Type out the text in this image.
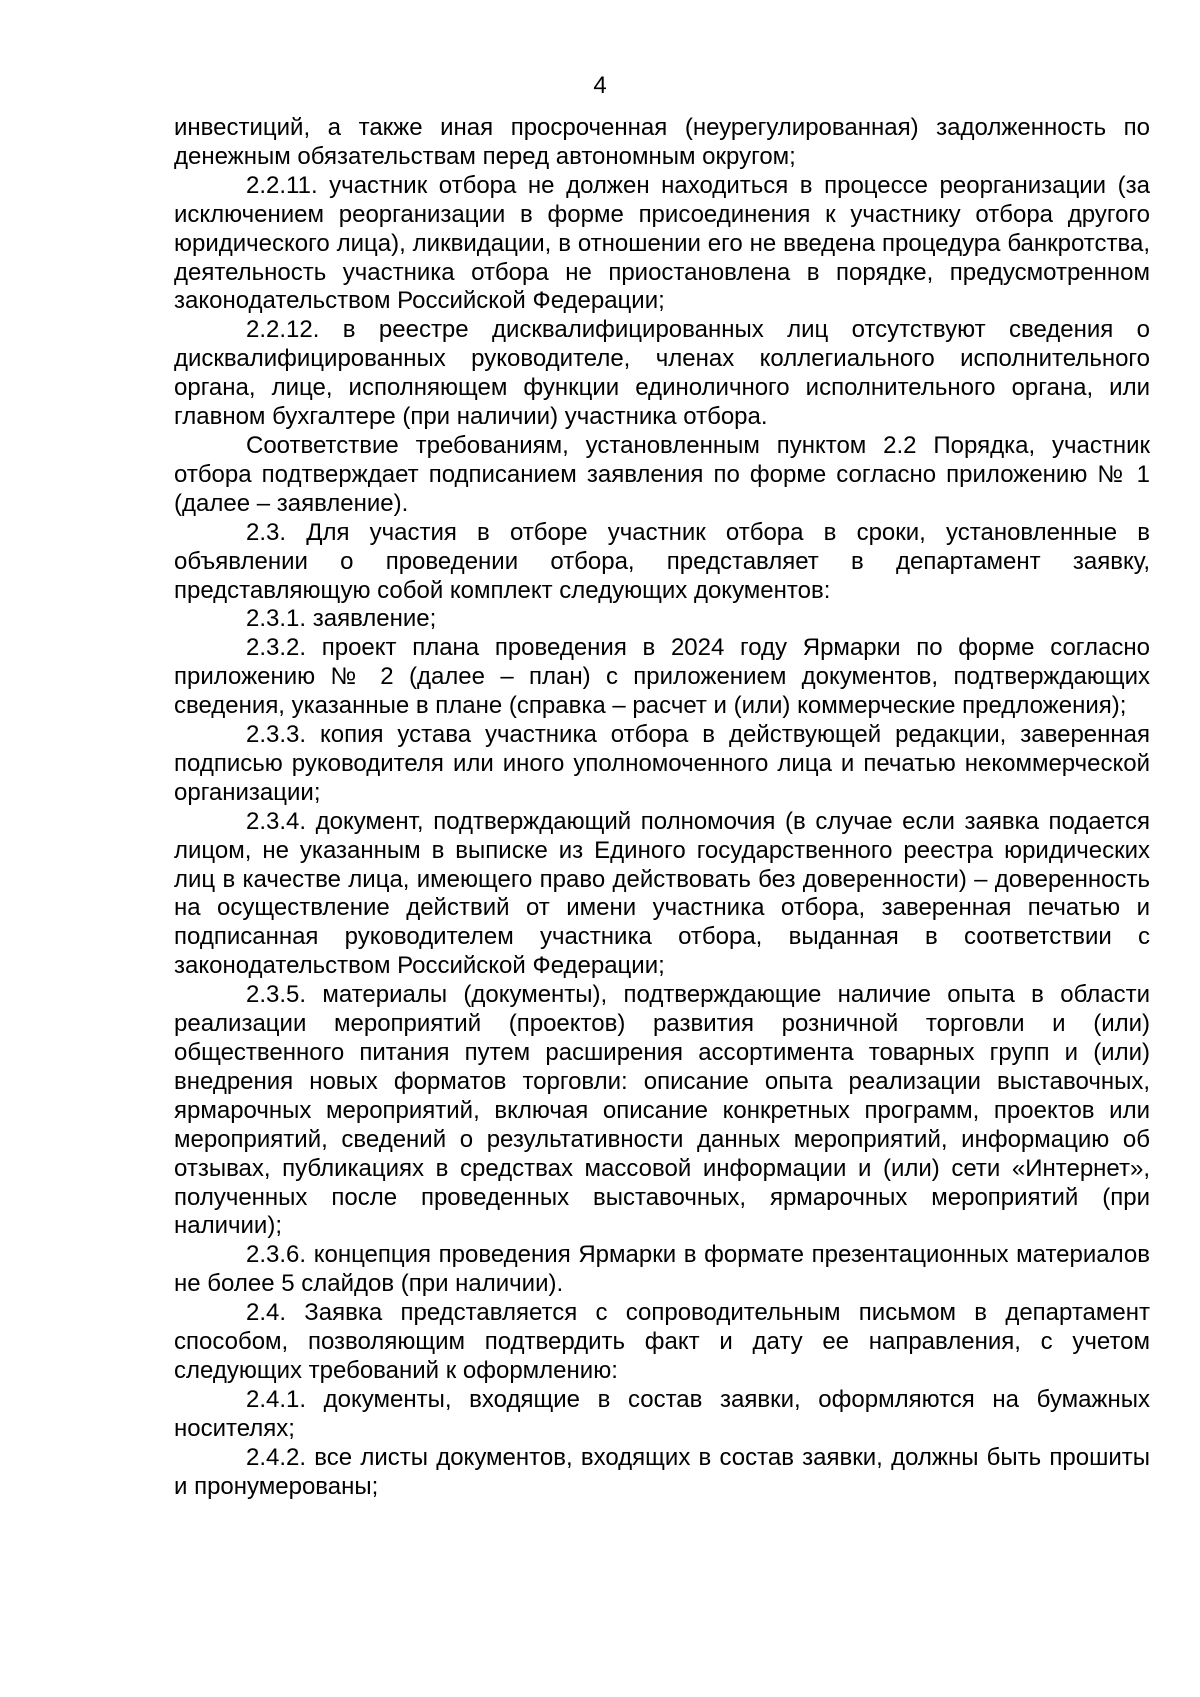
4

инвестиций, а также иная просроченная (неурегулированная) задолженность по денежным обязательствам перед автономным округом;

2.2.11. участник отбора не должен находиться в процессе реорганизации (за исключением реорганизации в форме присоединения к участнику отбора другого юридического лица), ликвидации, в отношении его не введена процедура банкротства, деятельность участника отбора не приостановлена в порядке, предусмотренном законодательством Российской Федерации;

2.2.12. в реестре дисквалифицированных лиц отсутствуют сведения о дисквалифицированных руководителе, членах коллегиального исполнительного органа, лице, исполняющем функции единоличного исполнительного органа, или главном бухгалтере (при наличии) участника отбора.

Соответствие требованиям, установленным пунктом 2.2 Порядка, участник отбора подтверждает подписанием заявления по форме согласно приложению № 1 (далее – заявление).

2.3. Для участия в отборе участник отбора в сроки, установленные в объявлении о проведении отбора, представляет в департамент заявку, представляющую собой комплект следующих документов:

2.3.1. заявление;

2.3.2. проект плана проведения в 2024 году Ярмарки по форме согласно приложению № 2 (далее – план) с приложением документов, подтверждающих сведения, указанные в плане (справка – расчет и (или) коммерческие предложения);

2.3.3. копия устава участника отбора в действующей редакции, заверенная подписью руководителя или иного уполномоченного лица и печатью некоммерческой организации;

2.3.4. документ, подтверждающий полномочия (в случае если заявка подается лицом, не указанным в выписке из Единого государственного реестра юридических лиц в качестве лица, имеющего право действовать без доверенности) – доверенность на осуществление действий от имени участника отбора, заверенная печатью и подписанная руководителем участника отбора, выданная в соответствии с законодательством Российской Федерации;

2.3.5. материалы (документы), подтверждающие наличие опыта в области реализации мероприятий (проектов) развития розничной торговли и (или) общественного питания путем расширения ассортимента товарных групп и (или) внедрения новых форматов торговли: описание опыта реализации выставочных, ярмарочных мероприятий, включая описание конкретных программ, проектов или мероприятий, сведений о результативности данных мероприятий, информацию об отзывах, публикациях в средствах массовой информации и (или) сети «Интернет», полученных после проведенных выставочных, ярмарочных мероприятий (при наличии);

2.3.6. концепция проведения Ярмарки в формате презентационных материалов не более 5 слайдов (при наличии).

2.4. Заявка представляется с сопроводительным письмом в департамент способом, позволяющим подтвердить факт и дату ее направления, с учетом следующих требований к оформлению:

2.4.1. документы, входящие в состав заявки, оформляются на бумажных носителях;

2.4.2. все листы документов, входящих в состав заявки, должны быть прошиты и пронумерованы;
